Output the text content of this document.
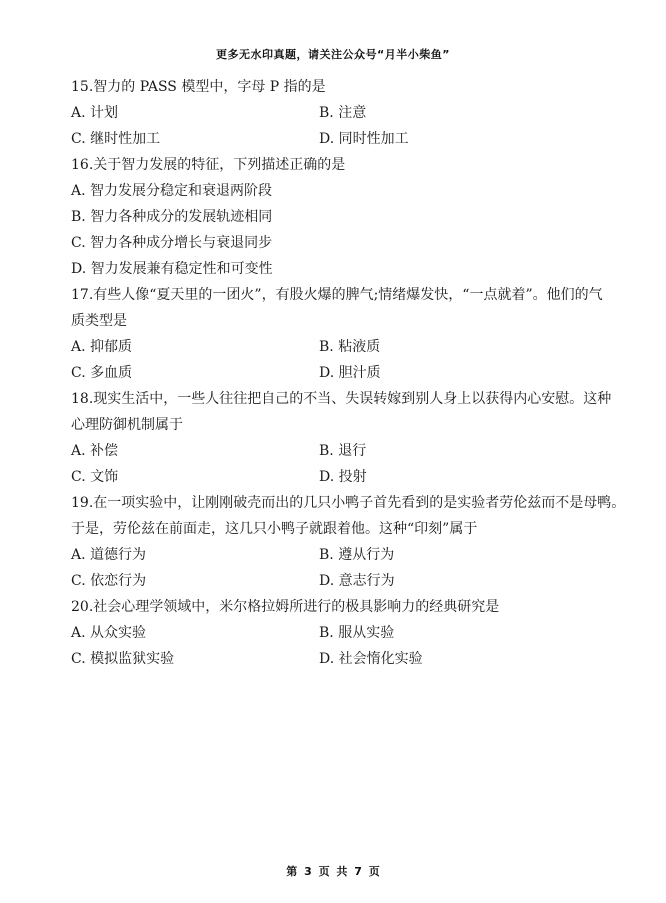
更多无水印真题，请关注公众号“月半小柴鱼”
15.智力的 PASS 模型中，字母 P 指的是
A. 计划	B. 注意
C. 继时性加工	D. 同时性加工
16.关于智力发展的特征，下列描述正确的是
A. 智力发展分稳定和衰退两阶段
B. 智力各种成分的发展轨迹相同
C. 智力各种成分增长与衰退同步
D. 智力发展兼有稳定性和可变性
17.有些人像“夏天里的一团火”，有股火爆的脾气;情绪爆发快，“一点就着”。他们的气
质类型是
A. 抑郁质	B. 粘液质
C. 多血质	D. 胆汁质
18.现实生活中，一些人往往把自己的不当、失误转嫁到别人身上以获得内心安慰。这种
心理防御机制属于
A. 补偿	B. 退行
C. 文饰	D. 投射
19.在一项实验中，让刚刚破壳而出的几只小鸭子首先看到的是实验者劳伦兹而不是母鸭。
于是，劳伦兹在前面走，这几只小鸭子就跟着他。这种“印刻”属于
A. 道德行为	B. 遵从行为
C. 依恋行为	D. 意志行为
20.社会心理学领域中，米尔格拉姆所进行的极具影响力的经典研究是
A. 从众实验	B. 服从实验
C. 模拟监狱实验	D. 社会惰化实验
第 3 页 共 7 页
